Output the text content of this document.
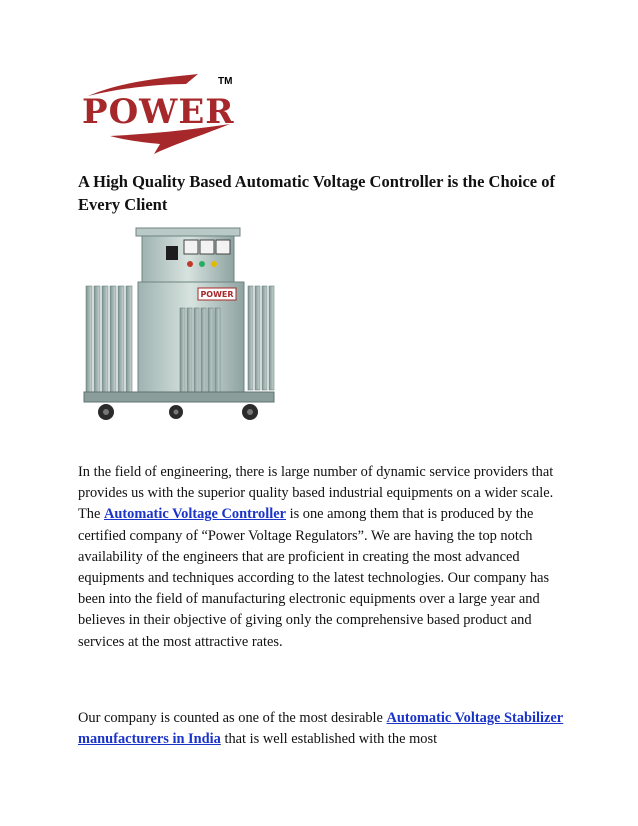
POWER
TM
A High Quality Based Automatic Voltage Controller is the Choice of Every Client
POWER
In the field of engineering, there is large number of dynamic service providers that provides us with the superior quality based industrial equipments on a wider scale. The Automatic Voltage Controller is one among them that is produced by the certified company of “Power Voltage Regulators”. We are having the top notch availability of the engineers that are proficient in creating the most advanced equipments and techniques according to the latest technologies. Our company has been into the field of manufacturing electronic equipments over a large year and believes in their objective of giving only the comprehensive based product and services at the most attractive rates.
Our company is counted as one of the most desirable Automatic Voltage Stabilizer manufacturers in India that is well established with the most
